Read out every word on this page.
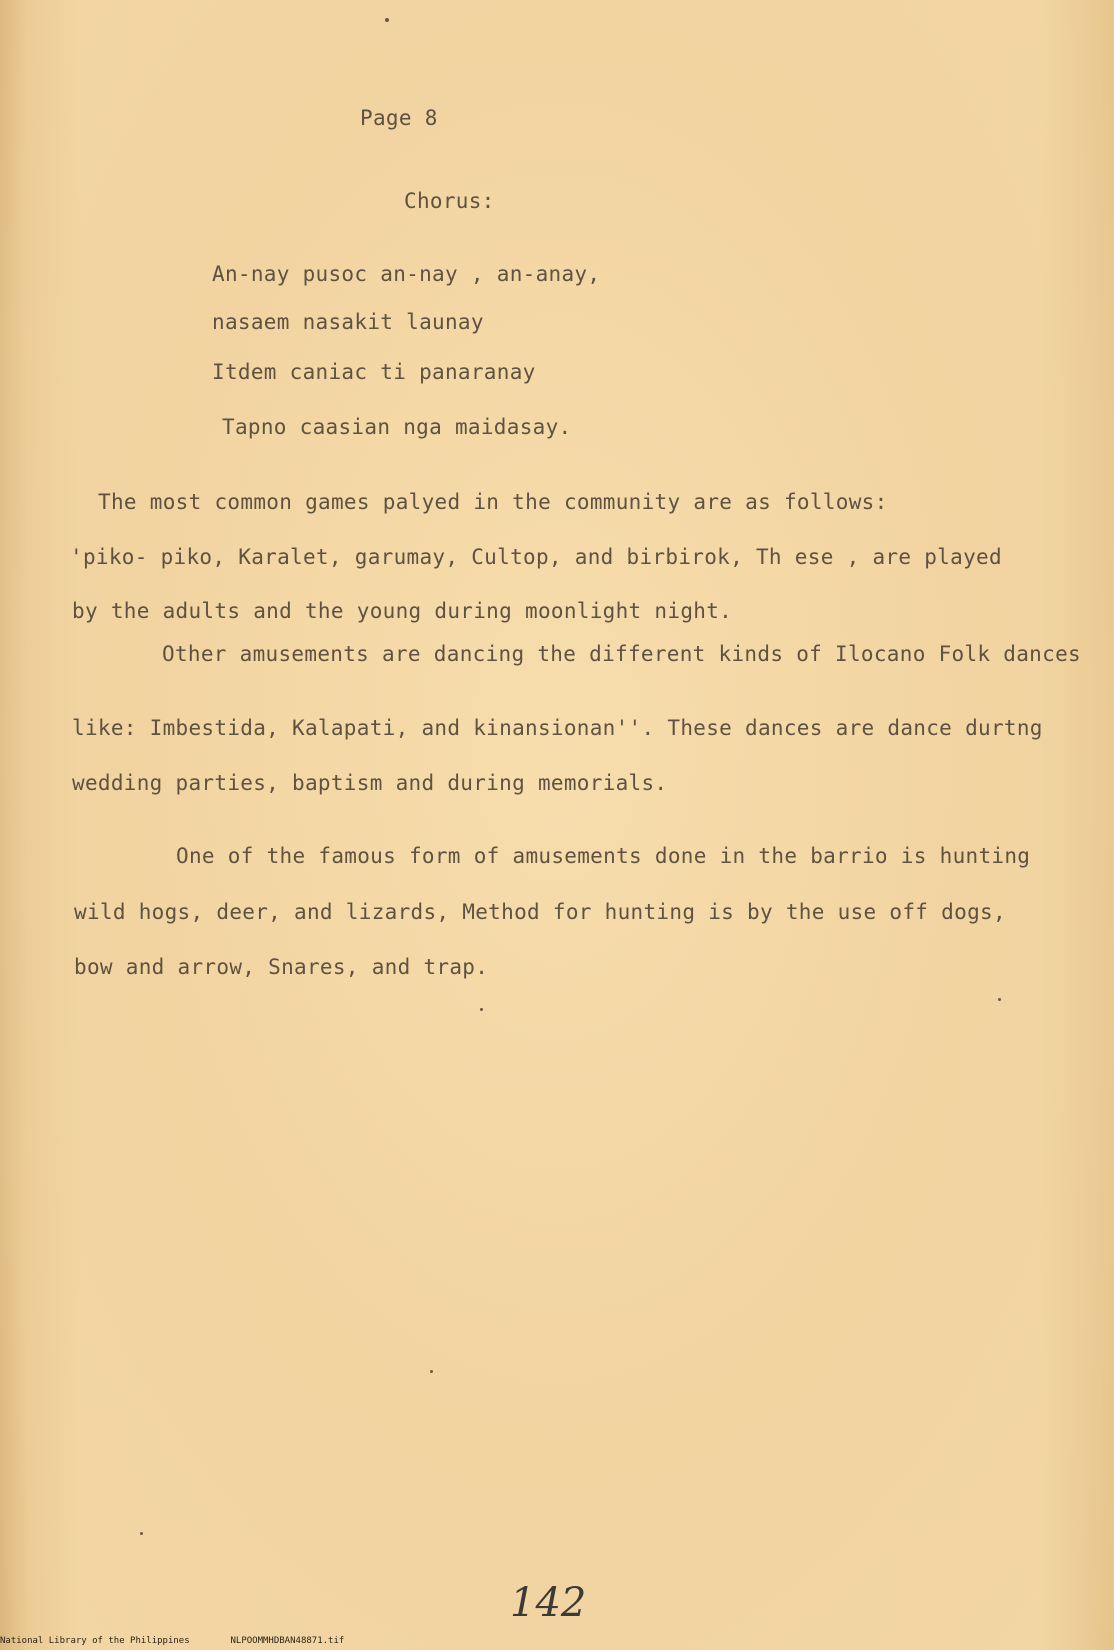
Page 8
Chorus:
An-nay pusoc an-nay , an-anay,
nasaem nasakit launay
Itdem caniac ti panaranay
Tapno caasian nga maidasay.
The most common games palyed in the community are as follows:
'piko- piko, Karalet, garumay, Cultop, and birbirok, Th ese , are played
by the adults and the young during moonlight night.
Other amusements are dancing the different kinds of Ilocano Folk dances
like: Imbestida, Kalapati, and kinansionan''. These dances are dance durtng
wedding parties, baptism and during memorials.
One of the famous form of amusements done in the barrio is hunting
wild hogs, deer, and lizards, Method for hunting is by the use off dogs,
bow and arrow, Snares, and trap.
142
National Library of the Philippines	NLPOOMMHDBAN48871.tif
